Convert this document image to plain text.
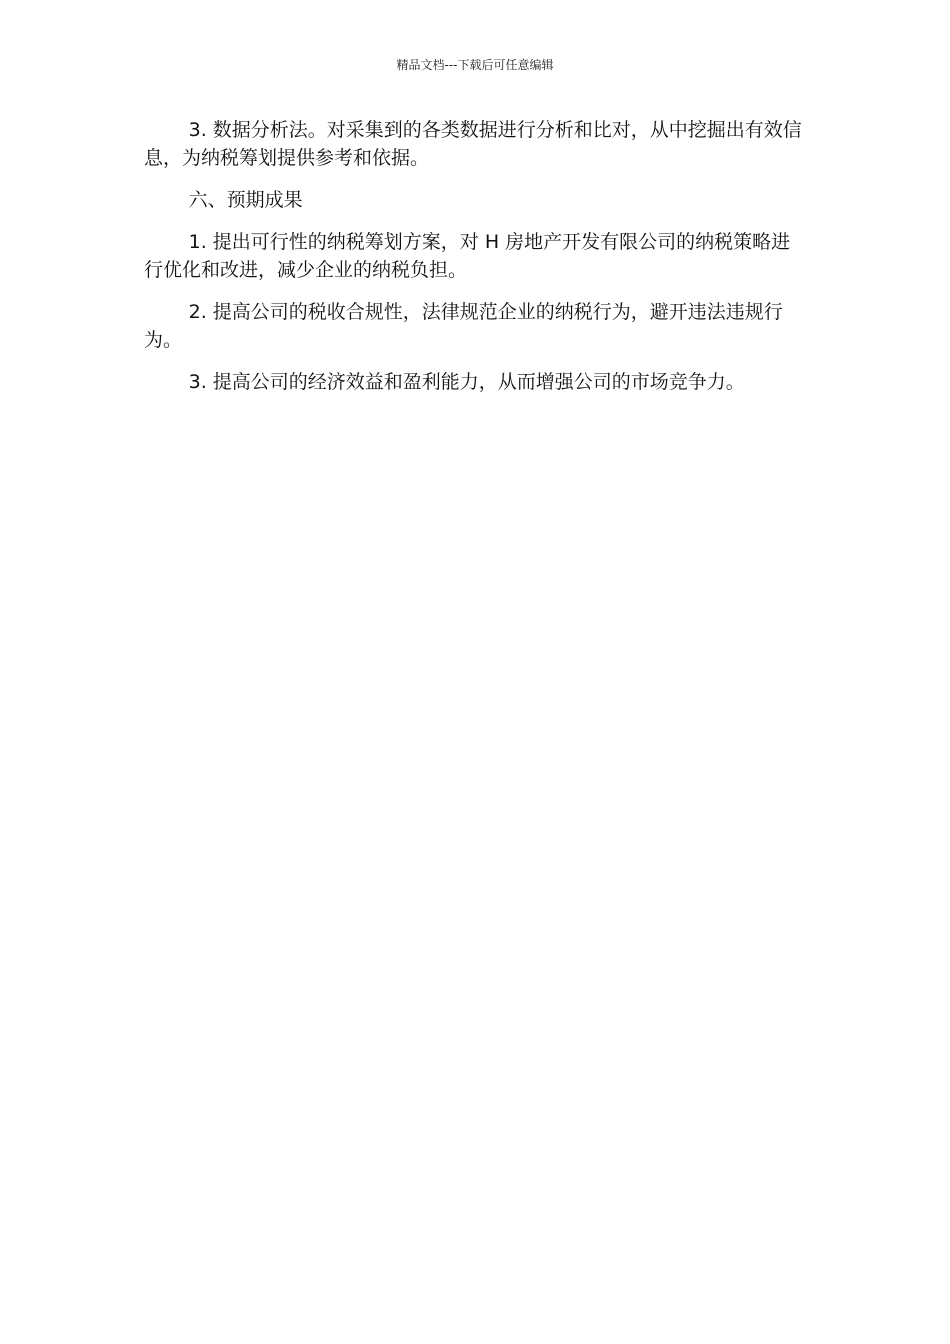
精品文档---下载后可任意编辑

3. 数据分析法。对采集到的各类数据进行分析和比对，从中挖掘出有效信息，为纳税筹划提供参考和依据。

六、预期成果

1. 提出可行性的纳税筹划方案，对 H 房地产开发有限公司的纳税策略进行优化和改进，减少企业的纳税负担。

2. 提高公司的税收合规性，法律规范企业的纳税行为，避开违法违规行为。

3. 提高公司的经济效益和盈利能力，从而增强公司的市场竞争力。
